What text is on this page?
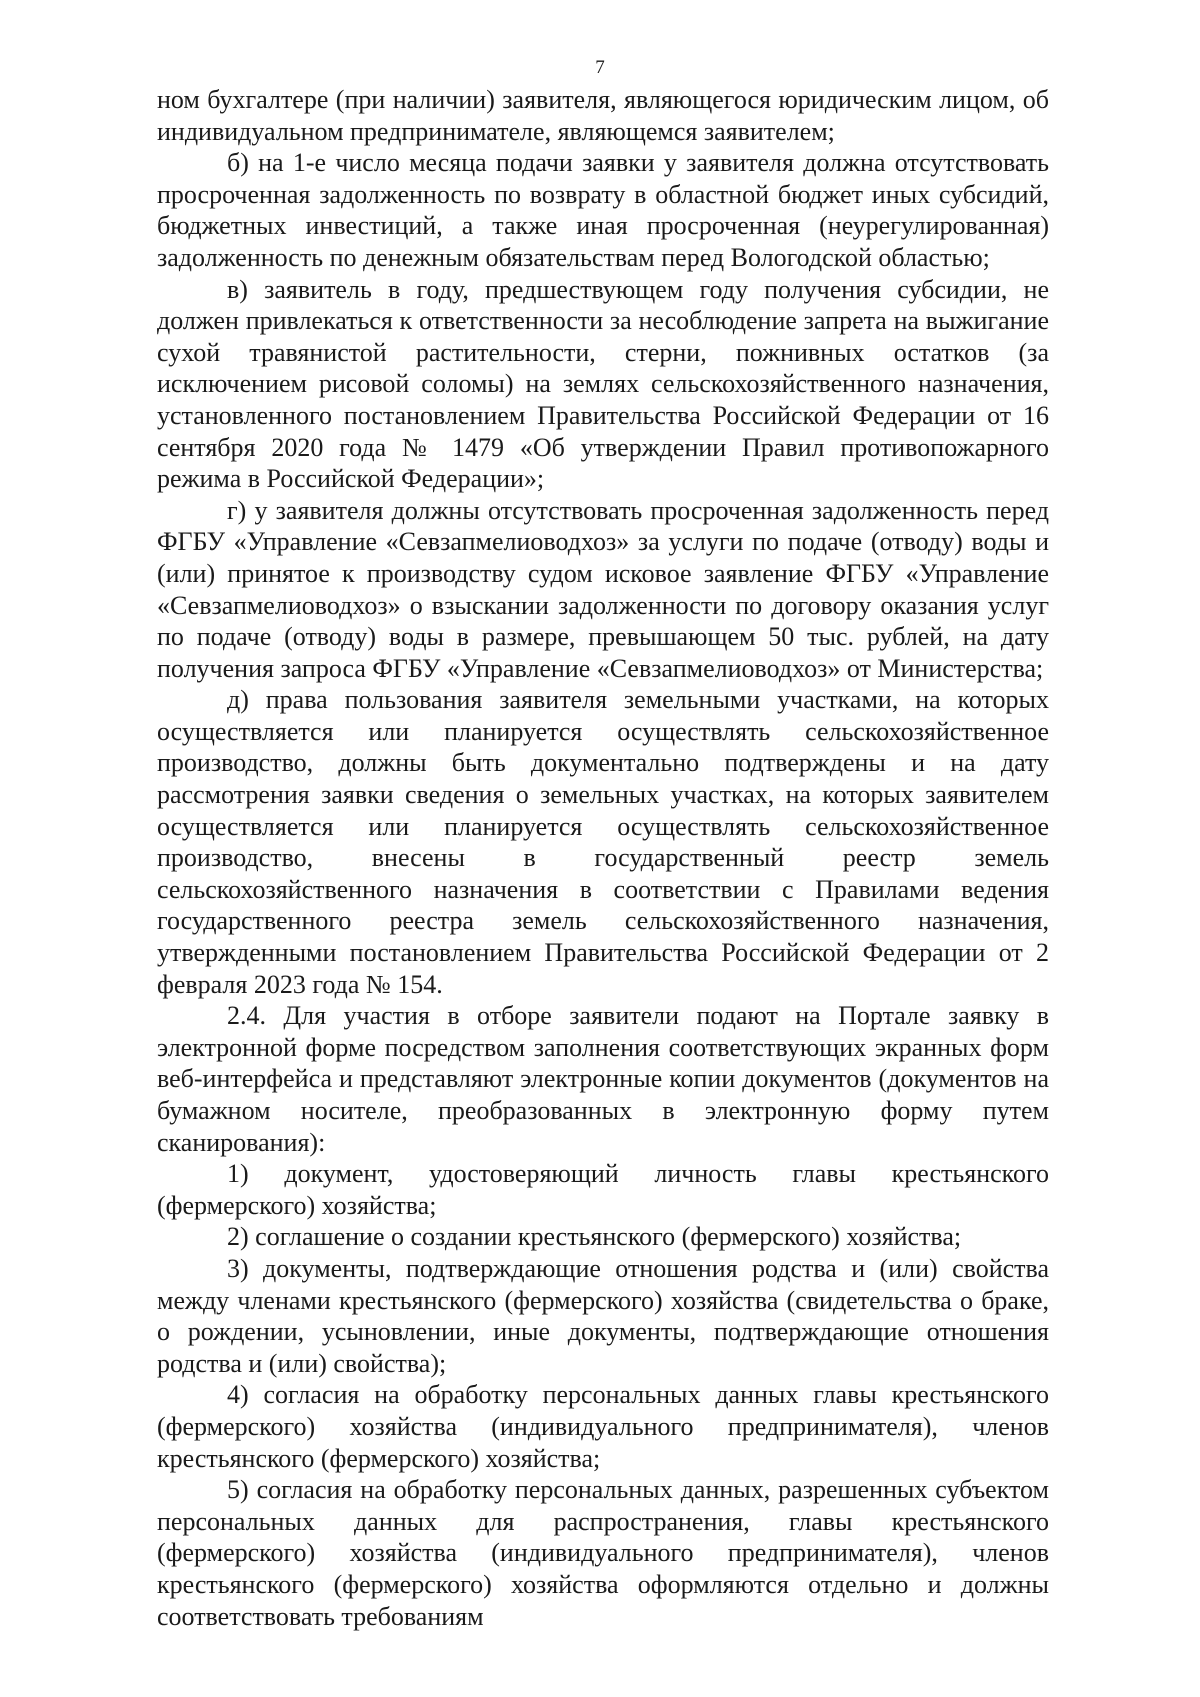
7

ном бухгалтере (при наличии) заявителя, являющегося юридическим лицом, об индивидуальном предпринимателе, являющемся заявителем;

б) на 1-е число месяца подачи заявки у заявителя должна отсутствовать просроченная задолженность по возврату в областной бюджет иных субсидий, бюджетных инвестиций, а также иная просроченная (неурегулированная) задолженность по денежным обязательствам перед Вологодской областью;

в) заявитель в году, предшествующем году получения субсидии, не должен привлекаться к ответственности за несоблюдение запрета на выжигание сухой травянистой растительности, стерни, пожнивных остатков (за исключением рисовой соломы) на землях сельскохозяйственного назначения, установленного постановлением Правительства Российской Федерации от 16 сентября 2020 года № 1479 «Об утверждении Правил противопожарного режима в Российской Федерации»;

г) у заявителя должны отсутствовать просроченная задолженность перед ФГБУ «Управление «Севзапмелиоводхоз» за услуги по подаче (отводу) воды и (или) принятое к производству судом исковое заявление ФГБУ «Управление «Севзапмелиоводхоз» о взыскании задолженности по договору оказания услуг по подаче (отводу) воды в размере, превышающем 50 тыс. рублей, на дату получения запроса ФГБУ «Управление «Севзапмелиоводхоз» от Министерства;

д) права пользования заявителя земельными участками, на которых осуществляется или планируется осуществлять сельскохозяйственное производство, должны быть документально подтверждены и на дату рассмотрения заявки сведения о земельных участках, на которых заявителем осуществляется или планируется осуществлять сельскохозяйственное производство, внесены в государственный реестр земель сельскохозяйственного назначения в соответствии с Правилами ведения государственного реестра земель сельскохозяйственного назначения, утвержденными постановлением Правительства Российской Федерации от 2 февраля 2023 года № 154.

2.4. Для участия в отборе заявители подают на Портале заявку в электронной форме посредством заполнения соответствующих экранных форм веб-интерфейса и представляют электронные копии документов (документов на бумажном носителе, преобразованных в электронную форму путем сканирования):

1) документ, удостоверяющий личность главы крестьянского (фермерского) хозяйства;

2) соглашение о создании крестьянского (фермерского) хозяйства;

3) документы, подтверждающие отношения родства и (или) свойства между членами крестьянского (фермерского) хозяйства (свидетельства о браке, о рождении, усыновлении, иные документы, подтверждающие отношения родства и (или) свойства);

4) согласия на обработку персональных данных главы крестьянского (фермерского) хозяйства (индивидуального предпринимателя), членов крестьянского (фермерского) хозяйства;

5) согласия на обработку персональных данных, разрешенных субъектом персональных данных для распространения, главы крестьянского (фермерского) хозяйства (индивидуального предпринимателя), членов крестьянского (фермерского) хозяйства оформляются отдельно и должны соответствовать требованиям
